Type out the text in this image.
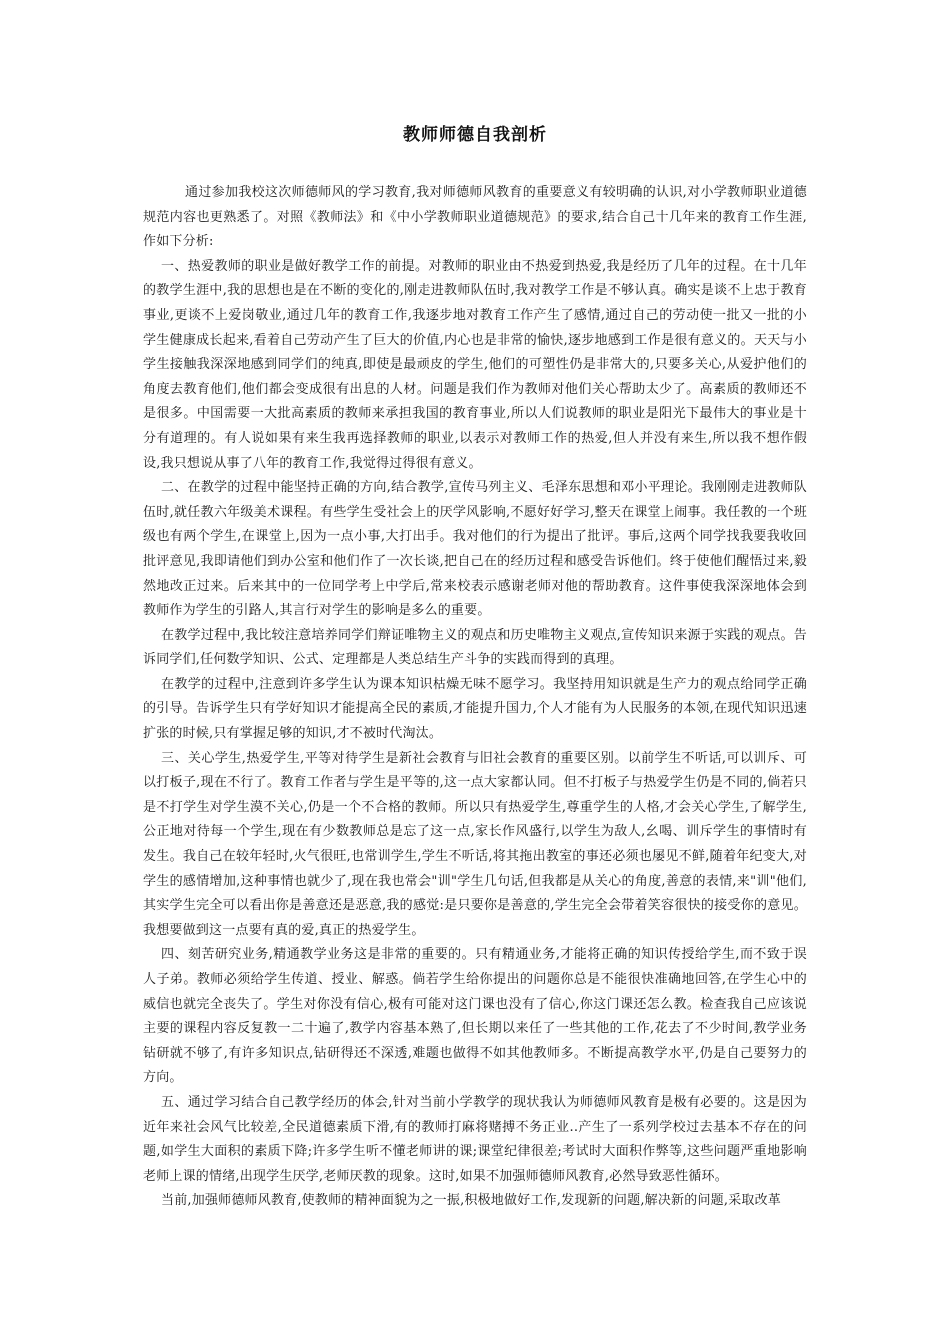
教师师德自我剖析

通过参加我校这次师德师风的学习教育,我对师德师风教育的重要意义有较明确的认识,对小学教师职业道德规范内容也更熟悉了。对照《教师法》和《中小学教师职业道德规范》的要求,结合自己十几年来的教育工作生涯,作如下分析:

一、热爱教师的职业是做好教学工作的前提。对教师的职业由不热爱到热爱,我是经历了几年的过程。在十几年的教学生涯中,我的思想也是在不断的变化的,刚走进教师队伍时,我对教学工作是不够认真。确实是谈不上忠于教育事业,更谈不上爱岗敬业,通过几年的教育工作,我逐步地对教育工作产生了感情,通过自己的劳动使一批又一批的小学生健康成长起来,看着自己劳动产生了巨大的价值,内心也是非常的愉快,逐步地感到工作是很有意义的。天天与小学生接触我深深地感到同学们的纯真,即使是最顽皮的学生,他们的可塑性仍是非常大的,只要多关心,从爱护他们的角度去教育他们,他们都会变成很有出息的人材。问题是我们作为教师对他们关心帮助太少了。高素质的教师还不是很多。中国需要一大批高素质的教师来承担我国的教育事业,所以人们说教师的职业是阳光下最伟大的事业是十分有道理的。有人说如果有来生我再选择教师的职业,以表示对教师工作的热爱,但人并没有来生,所以我不想作假设,我只想说从事了八年的教育工作,我觉得过得很有意义。

二、在教学的过程中能坚持正确的方向,结合教学,宣传马列主义、毛泽东思想和邓小平理论。我刚刚走进教师队伍时,就任教六年级美术课程。有些学生受社会上的厌学风影响,不愿好好学习,整天在课堂上闹事。我任教的一个班级也有两个学生,在课堂上,因为一点小事,大打出手。我对他们的行为提出了批评。事后,这两个同学找我要我收回批评意见,我即请他们到办公室和他们作了一次长谈,把自己在的经历过程和感受告诉他们。终于使他们醒悟过来,毅然地改正过来。后来其中的一位同学考上中学后,常来校表示感谢老师对他的帮助教育。这件事使我深深地体会到教师作为学生的引路人,其言行对学生的影响是多么的重要。

在教学过程中,我比较注意培养同学们辩证唯物主义的观点和历史唯物主义观点,宣传知识来源于实践的观点。告诉同学们,任何数学知识、公式、定理都是人类总结生产斗争的实践而得到的真理。

在教学的过程中,注意到许多学生认为课本知识枯燥无味不愿学习。我坚持用知识就是生产力的观点给同学正确的引导。告诉学生只有学好知识才能提高全民的素质,才能提升国力,个人才能有为人民服务的本领,在现代知识迅速扩张的时候,只有掌握足够的知识,才不被时代淘汰。

三、关心学生,热爱学生,平等对待学生是新社会教育与旧社会教育的重要区别。以前学生不听话,可以训斥、可以打板子,现在不行了。教育工作者与学生是平等的,这一点大家都认同。但不打板子与热爱学生仍是不同的,倘若只是不打学生对学生漠不关心,仍是一个不合格的教师。所以只有热爱学生,尊重学生的人格,才会关心学生,了解学生,公正地对待每一个学生,现在有少数教师总是忘了这一点,家长作风盛行,以学生为敌人,幺喝、训斥学生的事情时有发生。我自己在较年轻时,火气很旺,也常训学生,学生不听话,将其拖出教室的事还必须也屡见不鲜,随着年纪变大,对学生的感情增加,这种事情也就少了,现在我也常会"训"学生几句话,但我都是从关心的角度,善意的表情,来"训"他们,其实学生完全可以看出你是善意还是恶意,我的感觉:是只要你是善意的,学生完全会带着笑容很快的接受你的意见。我想要做到这一点要有真的爱,真正的热爱学生。

四、刻苦研究业务,精通教学业务这是非常的重要的。只有精通业务,才能将正确的知识传授给学生,而不致于误人子弟。教师必须给学生传道、授业、解惑。倘若学生给你提出的问题你总是不能很快准确地回答,在学生心中的威信也就完全丧失了。学生对你没有信心,极有可能对这门课也没有了信心,你这门课还怎么教。检查我自己应该说主要的课程内容反复教一二十遍了,教学内容基本熟了,但长期以来任了一些其他的工作,花去了不少时间,教学业务钻研就不够了,有许多知识点,钻研得还不深透,难题也做得不如其他教师多。不断提高教学水平,仍是自己要努力的方向。

五、通过学习结合自己教学经历的体会,针对当前小学教学的现状我认为师德师风教育是极有必要的。这是因为近年来社会风气比较差,全民道德素质下滑,有的教师打麻将赌搏不务正业..产生了一系列学校过去基本不存在的问题,如学生大面积的素质下降;许多学生听不懂老师讲的课;课堂纪律很差;考试时大面积作弊等,这些问题严重地影响老师上课的情绪,出现学生厌学,老师厌教的现象。这时,如果不加强师德师风教育,必然导致恶性循环。

当前,加强师德师风教育,使教师的精神面貌为之一振,积极地做好工作,发现新的问题,解决新的问题,采取改革
